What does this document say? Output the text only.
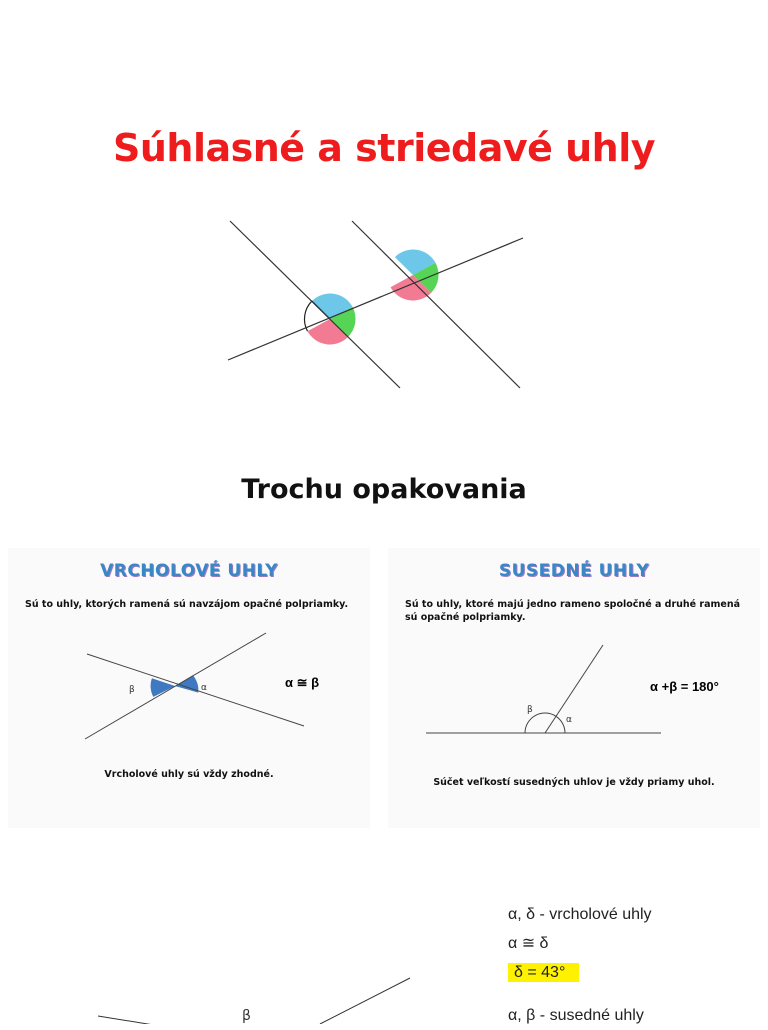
Súhlasné a striedavé uhly
Trochu opakovania
VRCHOLOVÉ UHLY
Sú to uhly, ktorých ramená sú navzájom opačné polpriamky.
β	α	α ≅ β
Vrcholové uhly sú vždy zhodné.
SUSEDNÉ UHLY
Sú to uhly, ktoré majú jedno rameno spoločné a druhé ramená sú opačné polpriamky.
β
α
α +β = 180°
Súčet veľkostí susedných uhlov je vždy priamy uhol.
α, δ - vrcholové uhly
α ≅ δ
δ = 43°
α, β - susedné uhly
β
